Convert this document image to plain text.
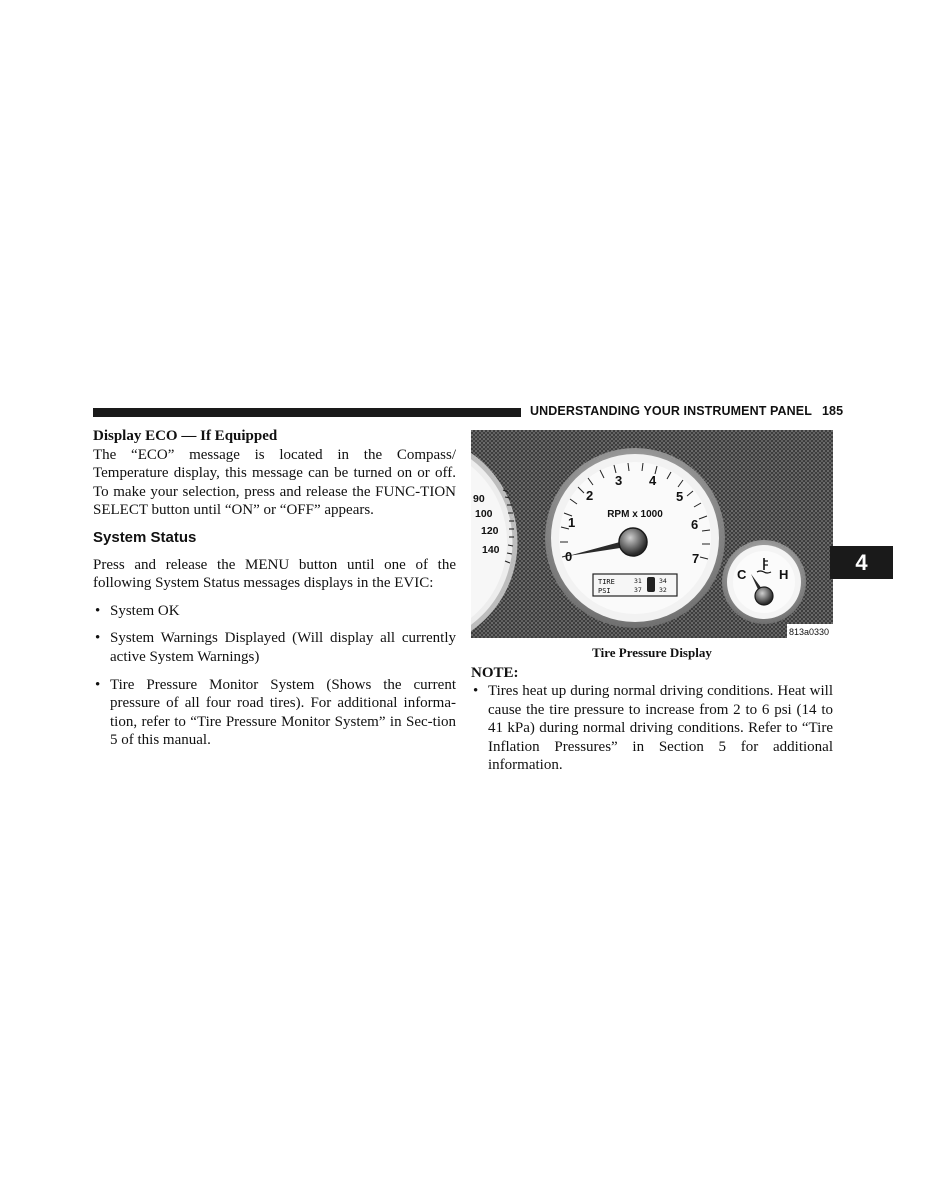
UNDERSTANDING YOUR INSTRUMENT PANEL 185
Display ECO — If Equipped
The “ECO” message is located in the Compass/ Temperature display, this message can be turned on or off. To make your selection, press and release the FUNC-TION SELECT button until “ON” or “OFF” appears.
System Status
Press and release the MENU button until one of the following System Status messages displays in the EVIC:
• System OK
• System Warnings Displayed (Will display all currently active System Warnings)
• Tire Pressure Monitor System (Shows the current pressure of all four road tires). For additional informa-tion, refer to “Tire Pressure Monitor System” in Sec-tion 5 of this manual.
90
100
120
140	0
1
2
3 4
5
6
7
RPM x 1000
TIRE
PSI
31
37
34
32
C	H
813a0330
Tire Pressure Display
NOTE:
• Tires heat up during normal driving conditions. Heat will cause the tire pressure to increase from 2 to 6 psi (14 to 41 kPa) during normal driving conditions. Refer to “Tire Inflation Pressures” in Section 5 for additional information.
4
